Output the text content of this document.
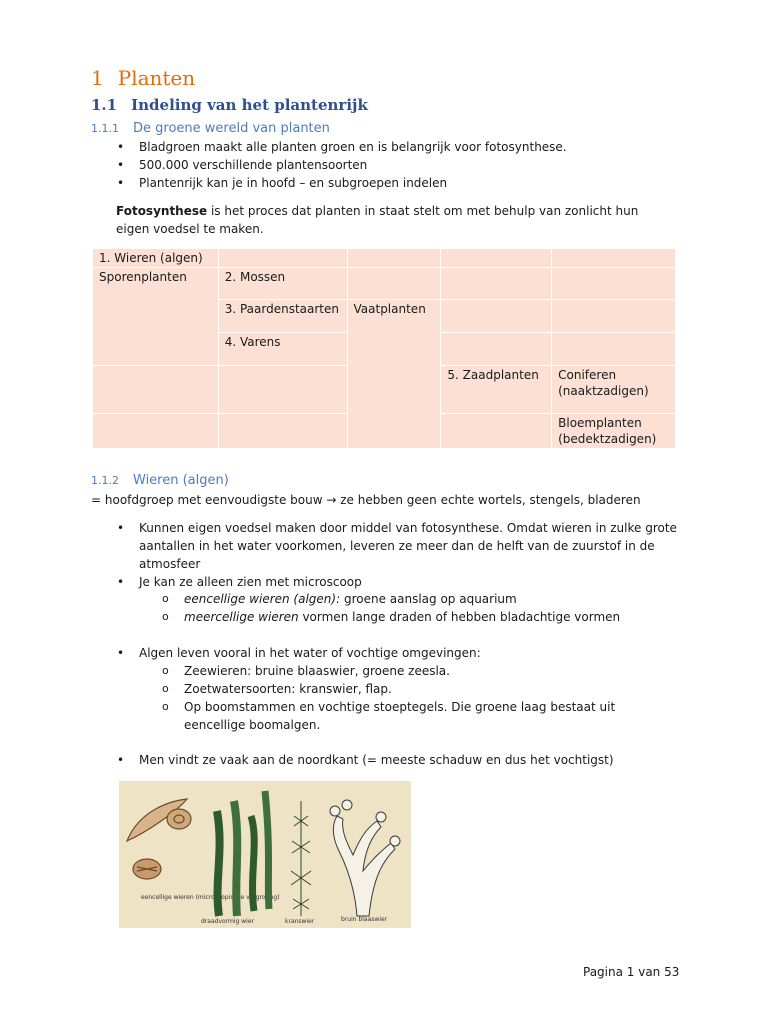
1 Planten
1.1 Indeling van het plantenrijk
1.1.1 De groene wereld van planten
• Bladgroen maakt alle planten groen en is belangrijk voor fotosynthese.
• 500.000 verschillende plantensoorten
• Plantenrijk kan je in hoofd – en subgroepen indelen
Fotosynthese is het proces dat planten in staat stelt om met behulp van zonlicht hun eigen voedsel te maken.
1. Wieren (algen)				
Sporenplanten	2. Mossen			
	3. Paardenstaarten	Vaatplanten		
	4. Varens			
			5. Zaadplanten	Coniferen (naaktzadigen)
				Bloemplanten (bedektzadigen)
1.1.2 Wieren (algen)
= hoofdgroep met eenvoudigste bouw → ze hebben geen echte wortels, stengels, bladeren
• Kunnen eigen voedsel maken door middel van fotosynthese. Omdat wieren in zulke grote aantallen in het water voorkomen, leveren ze meer dan de helft van de zuurstof in de atmosfeer
• Je kan ze alleen zien met microscoop
o eencellige wieren (algen): groene aanslag op aquarium
o meercellige wieren vormen lange draden of hebben bladachtige vormen
• Algen leven vooral in het water of vochtige omgevingen:
o Zeewieren: bruine blaaswier, groene zeesla.
o Zoetwatersoorten: kranswier, flap.
o Op boomstammen en vochtige stoeptegels. Die groene laag bestaat uit eencellige boomalgen.
• Men vindt ze vaak aan de noordkant (= meeste schaduw en dus het vochtigst)
eencellige wieren (microscopische vergroting)
draadvormig wier	kranswier	bruin blaaswier
Pagina 1 van 53
